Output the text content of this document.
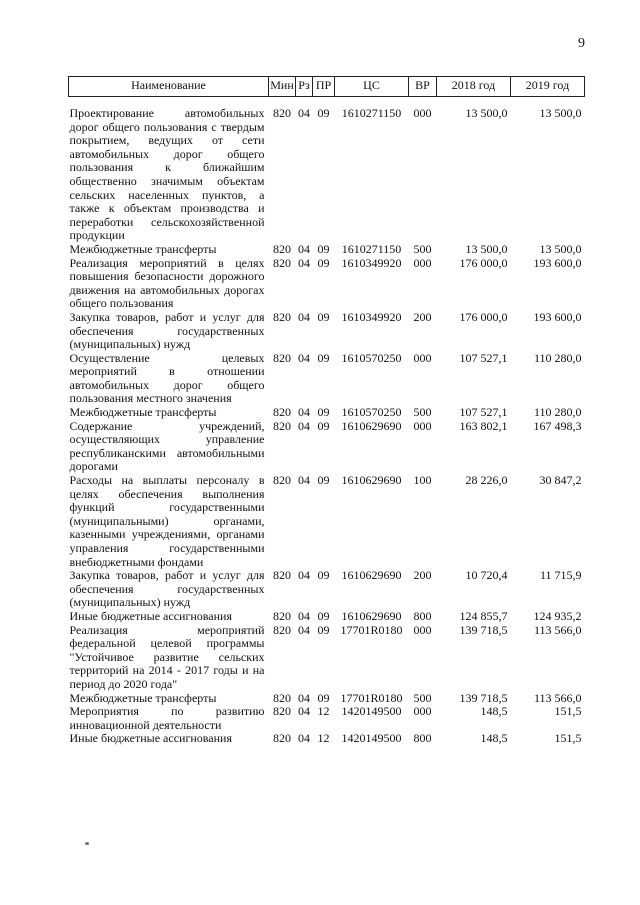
9
Наименование	Мин	Рз	ПР	ЦС	ВР	2018 год	2019 год

Проектирование автомобильных дорог общего пользования с твердым покрытием, ведущих от сети автомобильных дорог общего пользования к ближайшим общественно значимым объектам сельских населенных пунктов, а также к объектам производства и переработки сельскохозяйственной продукции	820	04	09	1610271150	000	13 500,0	13 500,0
Межбюджетные трансферты	820	04	09	1610271150	500	13 500,0	13 500,0
Реализация мероприятий в целях повышения безопасности дорожного движения на автомобильных дорогах общего пользования	820	04	09	1610349920	000	176 000,0	193 600,0
Закупка товаров, работ и услуг для обеспечения государственных (муниципальных) нужд	820	04	09	1610349920	200	176 000,0	193 600,0
Осуществление целевых мероприятий в отношении автомобильных дорог общего пользования местного значения	820	04	09	1610570250	000	107 527,1	110 280,0
Межбюджетные трансферты	820	04	09	1610570250	500	107 527,1	110 280,0
Содержание учреждений, осуществляющих управление республиканскими автомобильными дорогами	820	04	09	1610629690	000	163 802,1	167 498,3
Расходы на выплаты персоналу в целях обеспечения выполнения функций государственными (муниципальными) органами, казенными учреждениями, органами управления государственными внебюджетными фондами	820	04	09	1610629690	100	28 226,0	30 847,2
Закупка товаров, работ и услуг для обеспечения государственных (муниципальных) нужд	820	04	09	1610629690	200	10 720,4	11 715,9
Иные бюджетные ассигнования	820	04	09	1610629690	800	124 855,7	124 935,2
Реализация мероприятий федеральной целевой программы "Устойчивое развитие сельских территорий на 2014 - 2017 годы и на период до 2020 года"	820	04	09	17701R0180	000	139 718,5	113 566,0
Межбюджетные трансферты	820	04	09	17701R0180	500	139 718,5	113 566,0
Мероприятия по развитию инновационной деятельности	820	04	12	1420149500	000	148,5	151,5
Иные бюджетные ассигнования	820	04	12	1420149500	800	148,5	151,5
